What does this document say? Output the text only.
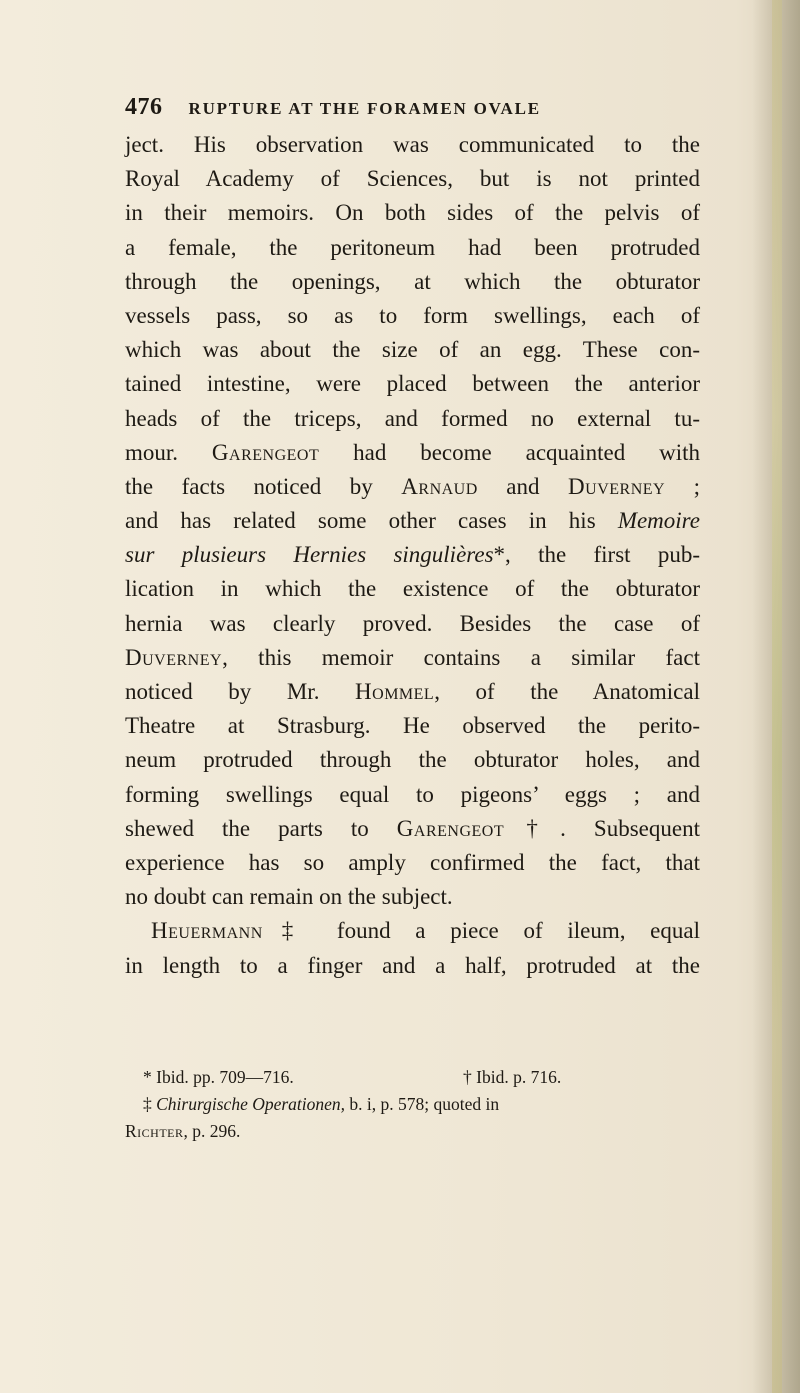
476 RUPTURE AT THE FORAMEN OVALE
ject. His observation was communicated to the
Royal Academy of Sciences, but is not printed
in their memoirs. On both sides of the pelvis of
a female, the peritoneum had been protruded
through the openings, at which the obturator
vessels pass, so as to form swellings, each of
which was about the size of an egg. These con-
tained intestine, were placed between the anterior
heads of the triceps, and formed no external tu-
mour. Garengeot had become acquainted with
the facts noticed by Arnaud and Duverney ;
and has related some other cases in his Memoire
sur plusieurs Hernies singulières*, the first pub-
lication in which the existence of the obturator
hernia was clearly proved. Besides the case of
Duverney, this memoir contains a similar fact
noticed by Mr. Hommel, of the Anatomical
Theatre at Strasburg. He observed the perito-
neum protruded through the obturator holes, and
forming swellings equal to pigeons’ eggs ; and
shewed the parts to Garengeot†. Subsequent
experience has so amply confirmed the fact, that
no doubt can remain on the subject.
Heuermann‡ found a piece of ileum, equal
in length to a finger and a half, protruded at the
* Ibid. pp. 709—716.	† Ibid. p. 716.
‡ Chirurgische Operationen, b. i, p. 578; quoted in
Richter, p. 296.
